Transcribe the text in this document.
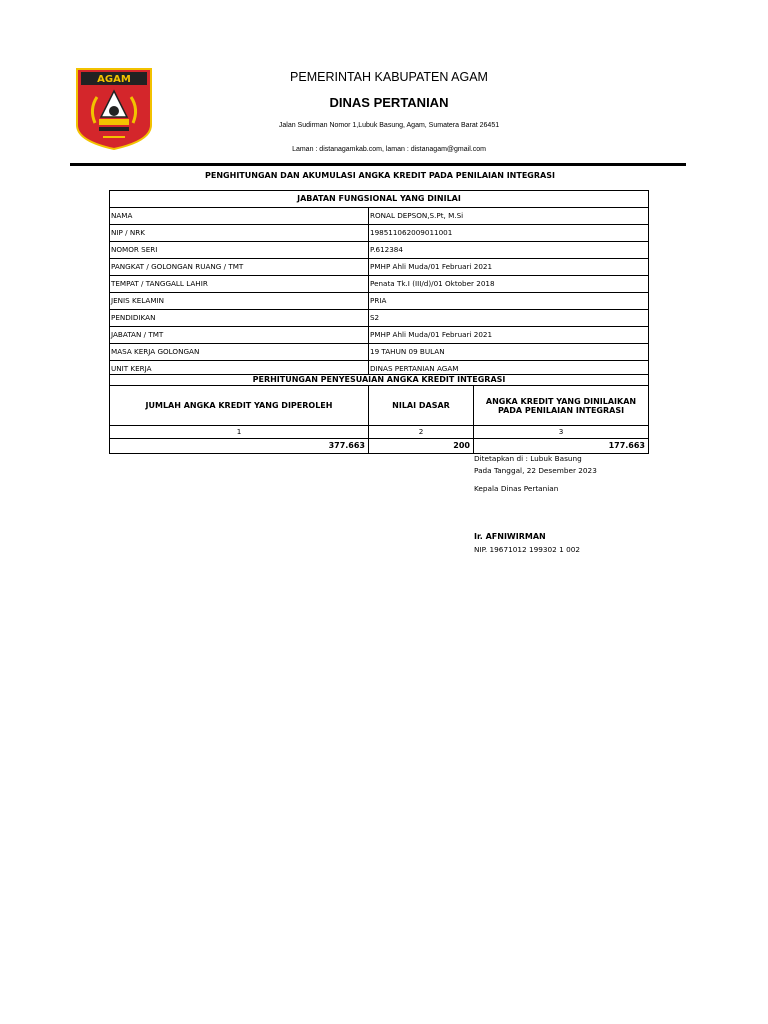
AGAM	PEMERINTAH KABUPATEN AGAM
DINAS PERTANIAN
Jalan Sudirman Nomor 1,Lubuk Basung, Agam, Sumatera Barat 26451
Laman : distanagamkab.com, laman : distanagam@gmail.com
PENGHITUNGAN DAN AKUMULASI ANGKA KREDIT PADA PENILAIAN INTEGRASI
JABATAN FUNGSIONAL YANG DINILAI
NAMA	RONAL DEPSON,S.Pt, M.Si
NIP / NRK	198511062009011001
NOMOR SERI	P.612384
PANGKAT / GOLONGAN RUANG / TMT	PMHP Ahli Muda/01 Februari 2021
TEMPAT / TANGGALL LAHIR	Penata Tk.I (III/d)/01 Oktober 2018
JENIS KELAMIN	PRIA
PENDIDIKAN	S2
JABATAN / TMT	PMHP Ahli Muda/01 Februari 2021
MASA KERJA GOLONGAN	19 TAHUN 09 BULAN
UNIT KERJA	DINAS PERTANIAN AGAM
PERHITUNGAN PENYESUAIAN ANGKA KREDIT INTEGRASI
JUMLAH ANGKA KREDIT YANG DIPEROLEH	NILAI DASAR	ANGKA KREDIT YANG DINILAIKAN PADA PENILAIAN INTEGRASI
1	2	3
377.663	200	177.663
Ditetapkan di : Lubuk Basung
Pada Tanggal, 22 Desember 2023
Kepala Dinas Pertanian
Ir. AFNIWIRMAN
NIP. 19671012 199302 1 002
